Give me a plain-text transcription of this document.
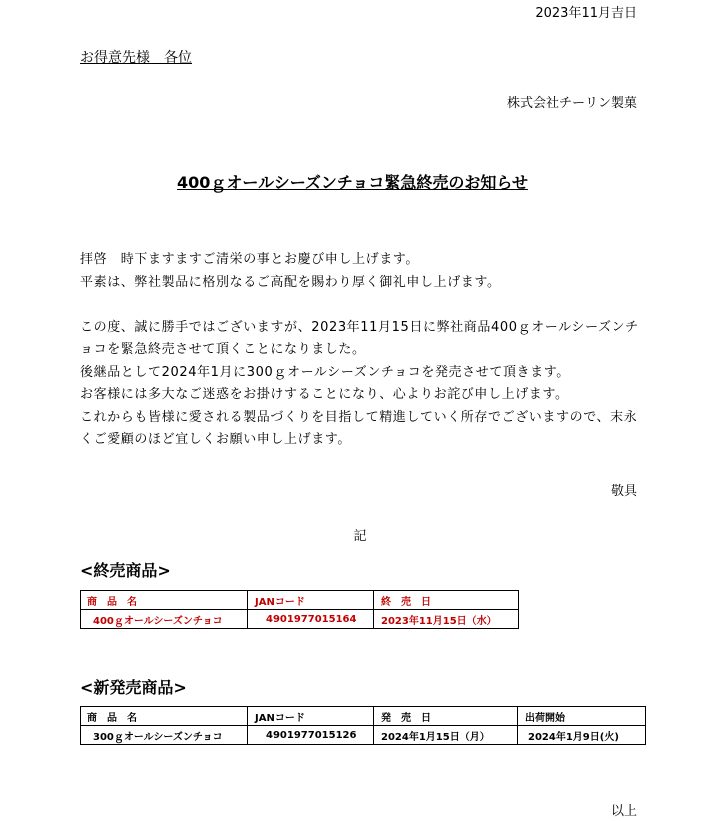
2023年11月吉日
お得意先様　各位
株式会社チーリン製菓
400ｇオールシーズンチョコ緊急終売のお知らせ

拝啓　時下ますますご清栄の事とお慶び申し上げます。

平素は、弊社製品に格別なるご高配を賜わり厚く御礼申し上げます。

この度、誠に勝手ではございますが、2023年11月15日に弊社商品400ｇオールシーズンチョコを緊急終売させて頂くことになりました。

後継品として2024年1月に300ｇオールシーズンチョコを発売させて頂きます。

お客様には多大なご迷惑をお掛けすることになり、心よりお詫び申し上げます。

これからも皆様に愛される製品づくりを目指して精進していく所存でございますので、末永くご愛顧のほど宜しくお願い申し上げます。

敬具
記
<終売商品>
商　品　名	JANコード	終　売　日
400ｇオールシーズンチョコ	4901977015164	2023年11月15日（水）
<新発売商品>
商　品　名	JANコード	発　売　日	出荷開始
300ｇオールシーズンチョコ	4901977015126	2024年1月15日（月）	2024年1月9日(火)
以上
